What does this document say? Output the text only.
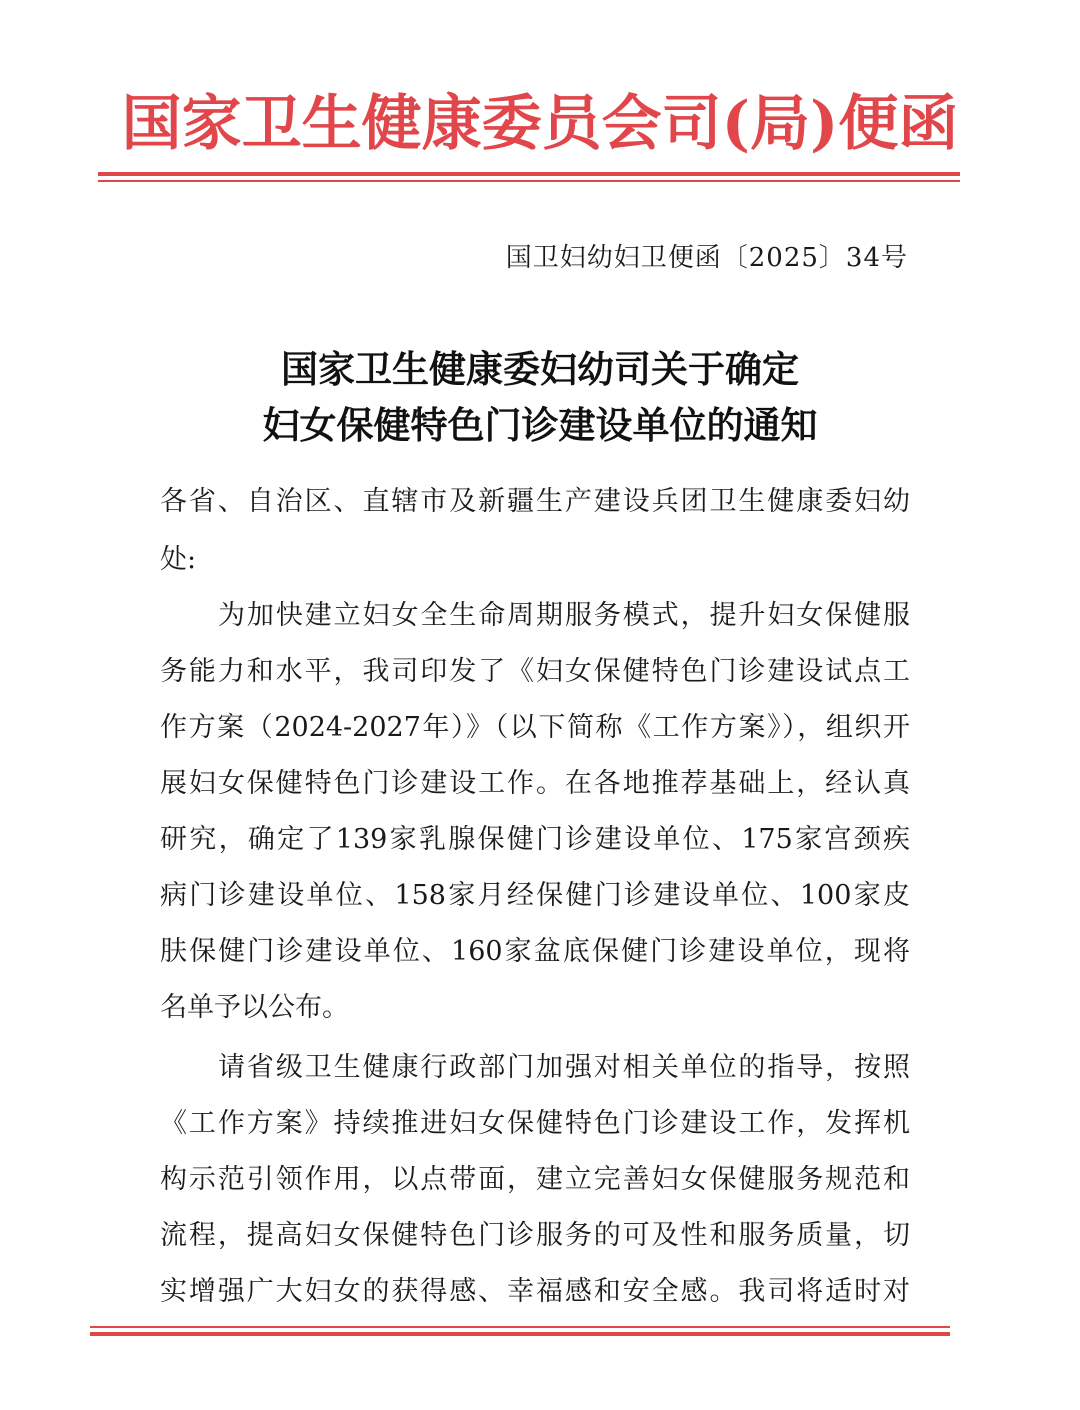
国家卫生健康委员会司(局)便函
国卫妇幼妇卫便函〔2025〕34号
国家卫生健康委妇幼司关于确定
妇女保健特色门诊建设单位的通知
各省、自治区、直辖市及新疆生产建设兵团卫生健康委妇幼
处:
为加快建立妇女全生命周期服务模式，提升妇女保健服
务能力和水平，我司印发了《妇女保健特色门诊建设试点工
作方案（2024-2027年）》（以下简称《工作方案》），组织开
展妇女保健特色门诊建设工作。在各地推荐基础上，经认真
研究，确定了139家乳腺保健门诊建设单位、175家宫颈疾
病门诊建设单位、158家月经保健门诊建设单位、100家皮
肤保健门诊建设单位、160家盆底保健门诊建设单位，现将
名单予以公布。
请省级卫生健康行政部门加强对相关单位的指导，按照
《工作方案》持续推进妇女保健特色门诊建设工作，发挥机
构示范引领作用，以点带面，建立完善妇女保健服务规范和
流程，提高妇女保健特色门诊服务的可及性和服务质量，切
实增强广大妇女的获得感、幸福感和安全感。我司将适时对
